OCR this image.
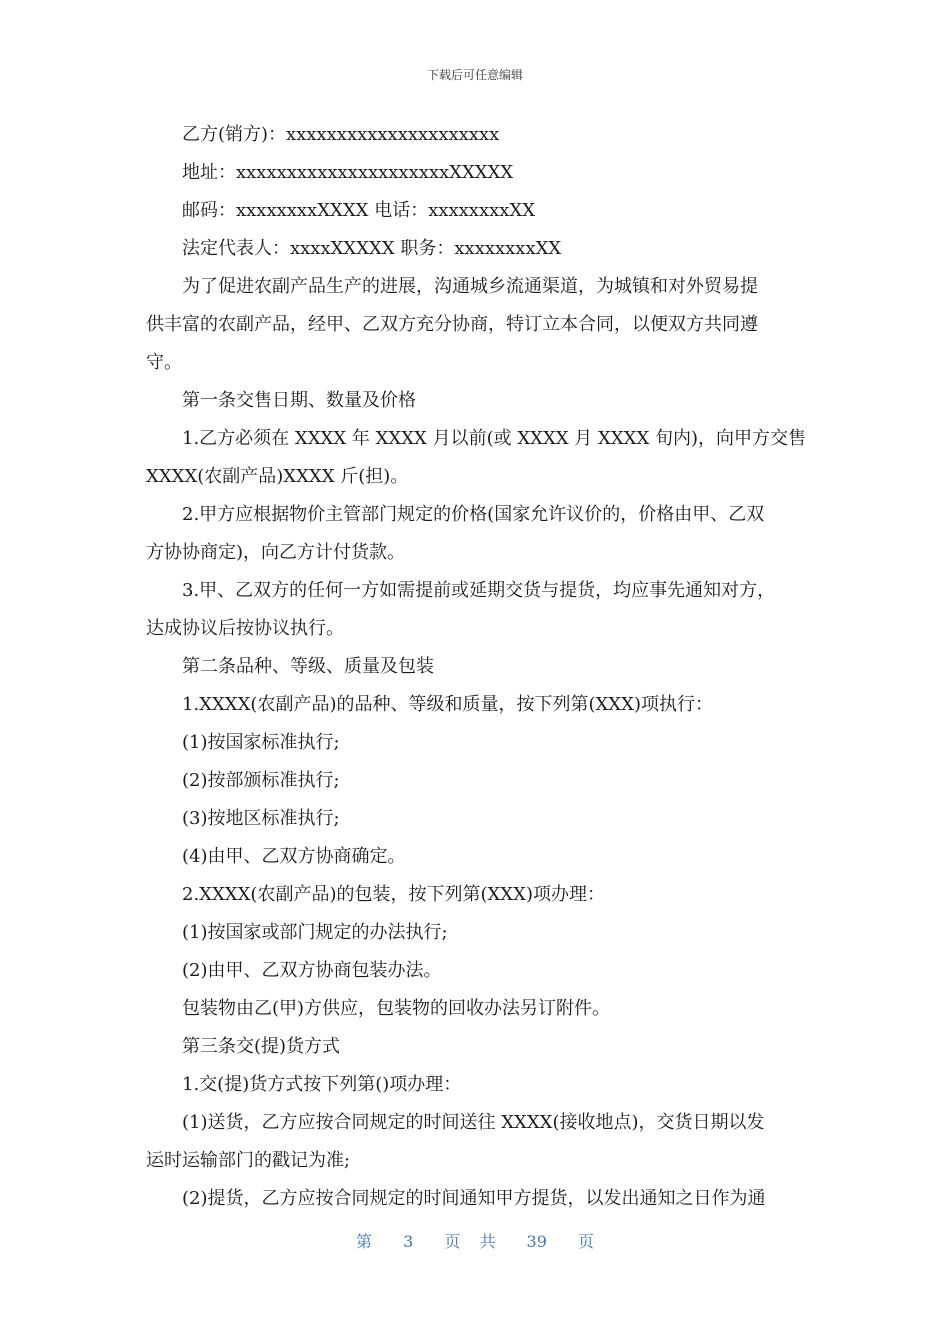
下载后可任意编辑
乙方(销方)：xxxxxxxxxxxxxxxxxxxxx
地址：xxxxxxxxxxxxxxxxxxxxxXXXXX
邮码：xxxxxxxxXXXX 电话：xxxxxxxxXX
法定代表人：xxxxXXXXX 职务：xxxxxxxxXX
为了促进农副产品生产的进展，沟通城乡流通渠道，为城镇和对外贸易提
供丰富的农副产品，经甲、乙双方充分协商，特订立本合同，以便双方共同遵
守。
第一条交售日期、数量及价格
1.乙方必须在 XXXX 年 XXXX 月以前(或 XXXX 月 XXXX 旬内)，向甲方交售
XXXX(农副产品)XXXX 斤(担)。
2.甲方应根据物价主管部门规定的价格(国家允许议价的，价格由甲、乙双
方协协商定)，向乙方计付货款。
3.甲、乙双方的任何一方如需提前或延期交货与提货，均应事先通知对方，
达成协议后按协议执行。
第二条品种、等级、质量及包装
1.XXXX(农副产品)的品种、等级和质量，按下列第(XXX)项执行：
(1)按国家标准执行;
(2)按部颁标准执行;
(3)按地区标准执行;
(4)由甲、乙双方协商确定。
2.XXXX(农副产品)的包装，按下列第(XXX)项办理：
(1)按国家或部门规定的办法执行;
(2)由甲、乙双方协商包装办法。
包装物由乙(甲)方供应，包装物的回收办法另订附件。
第三条交(提)货方式
1.交(提)货方式按下列第()项办理：
(1)送货，乙方应按合同规定的时间送往 XXXX(接收地点)，交货日期以发
运时运输部门的戳记为准;
(2)提货，乙方应按合同规定的时间通知甲方提货，以发出通知之日作为通
第 3 页 共 39 页
